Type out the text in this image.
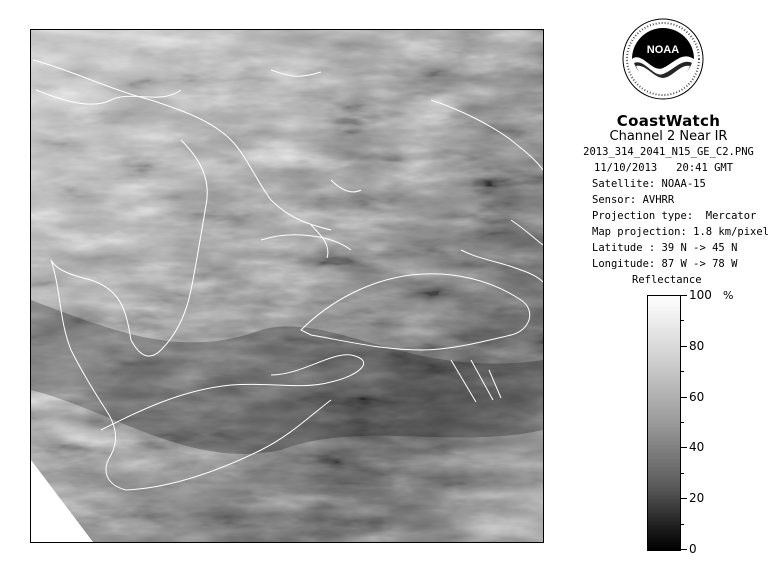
NOAA
CoastWatch
Channel 2 Near IR
2013_314_2041_N15_GE_C2.PNG
11/10/2013   20:41 GMT
Satellite: NOAA-15
Sensor: AVHRR
Projection type:  Mercator
Map projection: 1.8 km/pixel
Latitude : 39 N -> 45 N
Longitude: 87 W -> 78 W
Reflectance
%
100
80
60
40
20
0
